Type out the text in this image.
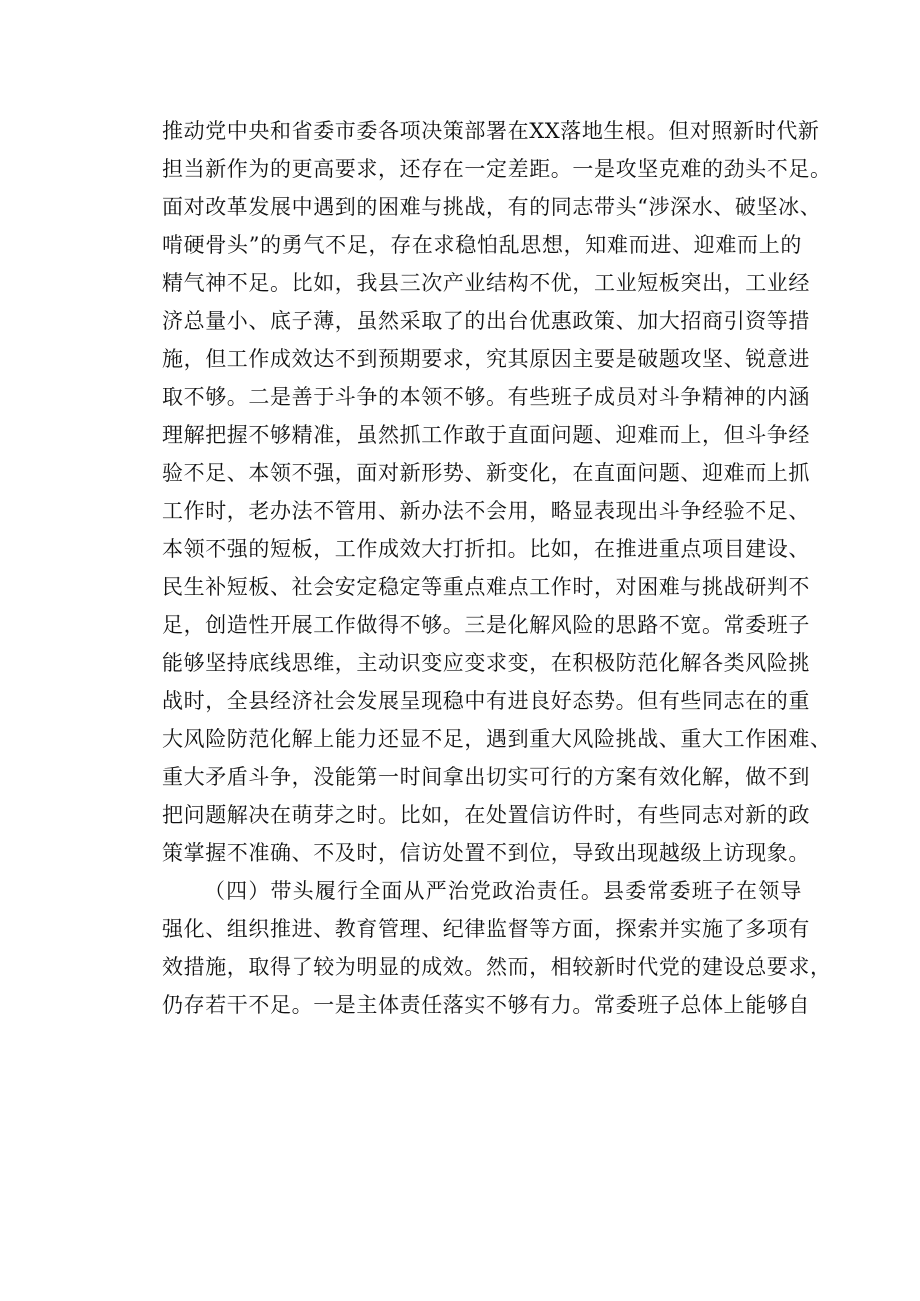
推动党中央和省委市委各项决策部署在XX落地生根。但对照新时代新
担当新作为的更高要求，还存在一定差距。一是攻坚克难的劲头不足。
面对改革发展中遇到的困难与挑战，有的同志带头“涉深水、破坚冰、
啃硬骨头”的勇气不足，存在求稳怕乱思想，知难而进、迎难而上的
精气神不足。比如，我县三次产业结构不优，工业短板突出，工业经
济总量小、底子薄，虽然采取了的出台优惠政策、加大招商引资等措
施，但工作成效达不到预期要求，究其原因主要是破题攻坚、锐意进
取不够。二是善于斗争的本领不够。有些班子成员对斗争精神的内涵
理解把握不够精准，虽然抓工作敢于直面问题、迎难而上，但斗争经
验不足、本领不强，面对新形势、新变化，在直面问题、迎难而上抓
工作时，老办法不管用、新办法不会用，略显表现出斗争经验不足、
本领不强的短板，工作成效大打折扣。比如，在推进重点项目建设、
民生补短板、社会安定稳定等重点难点工作时，对困难与挑战研判不
足，创造性开展工作做得不够。三是化解风险的思路不宽。常委班子
能够坚持底线思维，主动识变应变求变，在积极防范化解各类风险挑
战时，全县经济社会发展呈现稳中有进良好态势。但有些同志在的重
大风险防范化解上能力还显不足，遇到重大风险挑战、重大工作困难、
重大矛盾斗争，没能第一时间拿出切实可行的方案有效化解，做不到
把问题解决在萌芽之时。比如，在处置信访件时，有些同志对新的政
策掌握不准确、不及时，信访处置不到位，导致出现越级上访现象。
（四）带头履行全面从严治党政治责任。县委常委班子在领导
强化、组织推进、教育管理、纪律监督等方面，探索并实施了多项有
效措施，取得了较为明显的成效。然而，相较新时代党的建设总要求，
仍存若干不足。一是主体责任落实不够有力。常委班子总体上能够自
